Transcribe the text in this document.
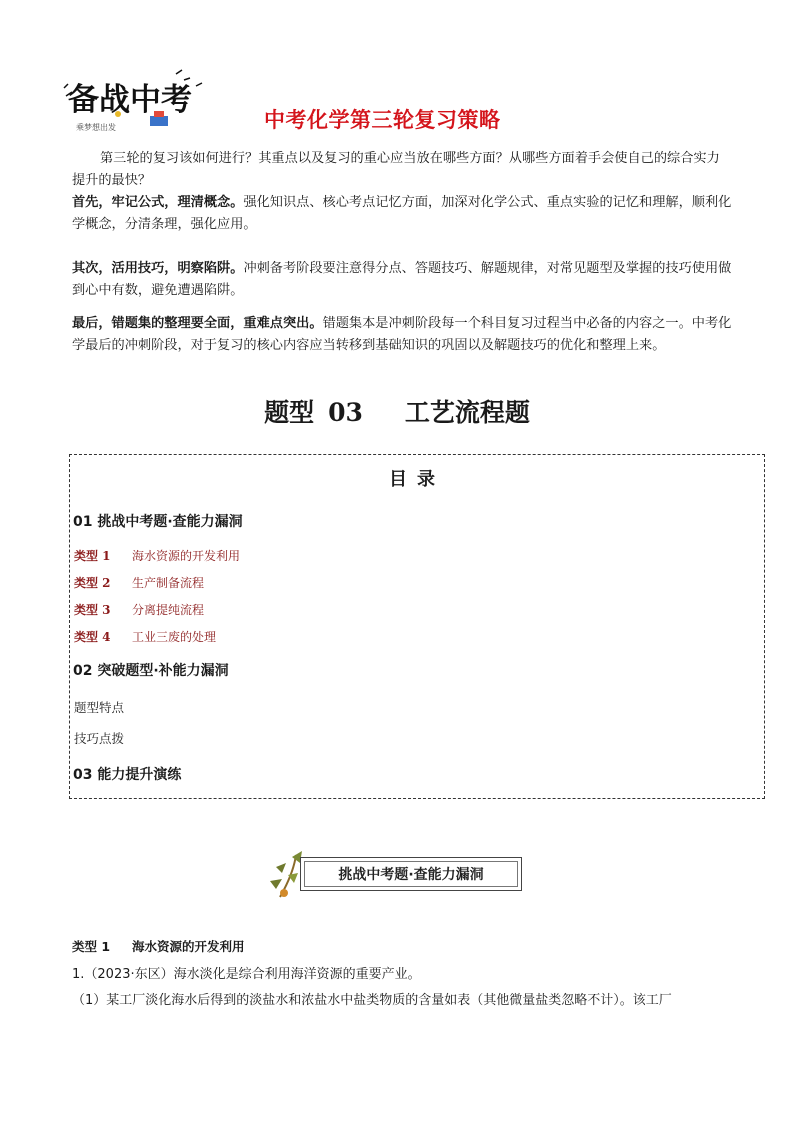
备战中考
乘梦想出发	中考化学第三轮复习策略

第三轮的复习该如何进行？其重点以及复习的重心应当放在哪些方面？从哪些方面着手会使自己的综合实力提升的最快？

首先，牢记公式，理清概念。强化知识点、核心考点记忆方面，加深对化学公式、重点实验的记忆和理解，顺利化学概念，分清条理，强化应用。

其次，活用技巧，明察陷阱。冲刺备考阶段要注意得分点、答题技巧、解题规律，对常见题型及掌握的技巧使用做到心中有数，避免遭遇陷阱。

最后，错题集的整理要全面，重难点突出。错题集本是冲刺阶段每一个科目复习过程当中必备的内容之一。中考化学最后的冲刺阶段，对于复习的核心内容应当转移到基础知识的巩固以及解题技巧的优化和整理上来。

题型 03 工艺流程题
目录
01 挑战中考题·查能力漏洞
类型 1 海水资源的开发利用
类型 2 生产制备流程
类型 3 分离提纯流程
类型 4 工业三废的处理
02 突破题型·补能力漏洞
题型特点
技巧点拨
03 能力提升演练
挑战中考题·查能力漏洞
类型 1 海水资源的开发利用
1.（2023·东区）海水淡化是综合利用海洋资源的重要产业。
（1）某工厂淡化海水后得到的淡盐水和浓盐水中盐类物质的含量如表（其他微量盐类忽略不计）。该工厂
